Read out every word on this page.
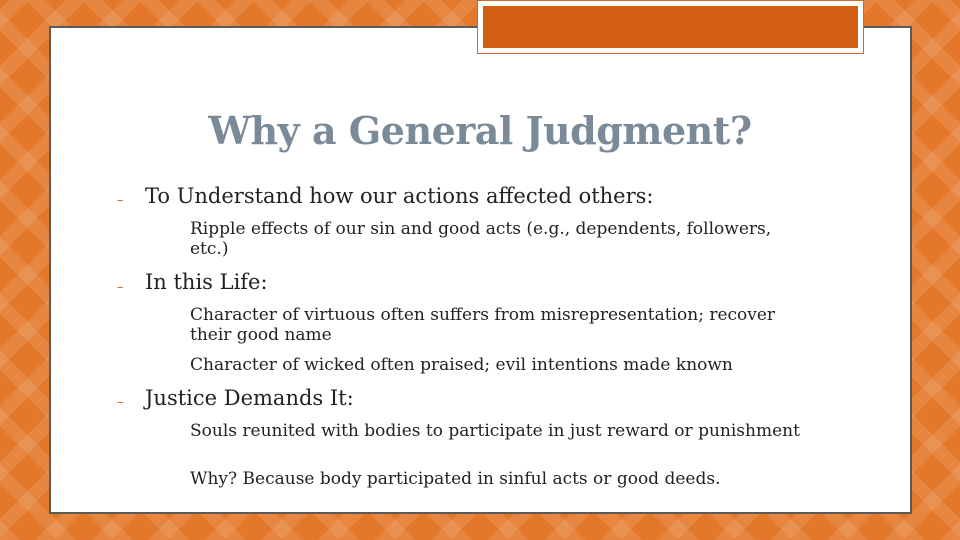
Why a General Judgment?
– To Understand how our actions affected others:
Ripple effects of our sin and good acts (e.g., dependents, followers, etc.)
– In this Life:
Character of virtuous often suffers from misrepresentation; recover their good name
Character of wicked often praised; evil intentions made known
– Justice Demands It:
Souls reunited with bodies to participate in just reward or punishment
Why? Because body participated in sinful acts or good deeds.
